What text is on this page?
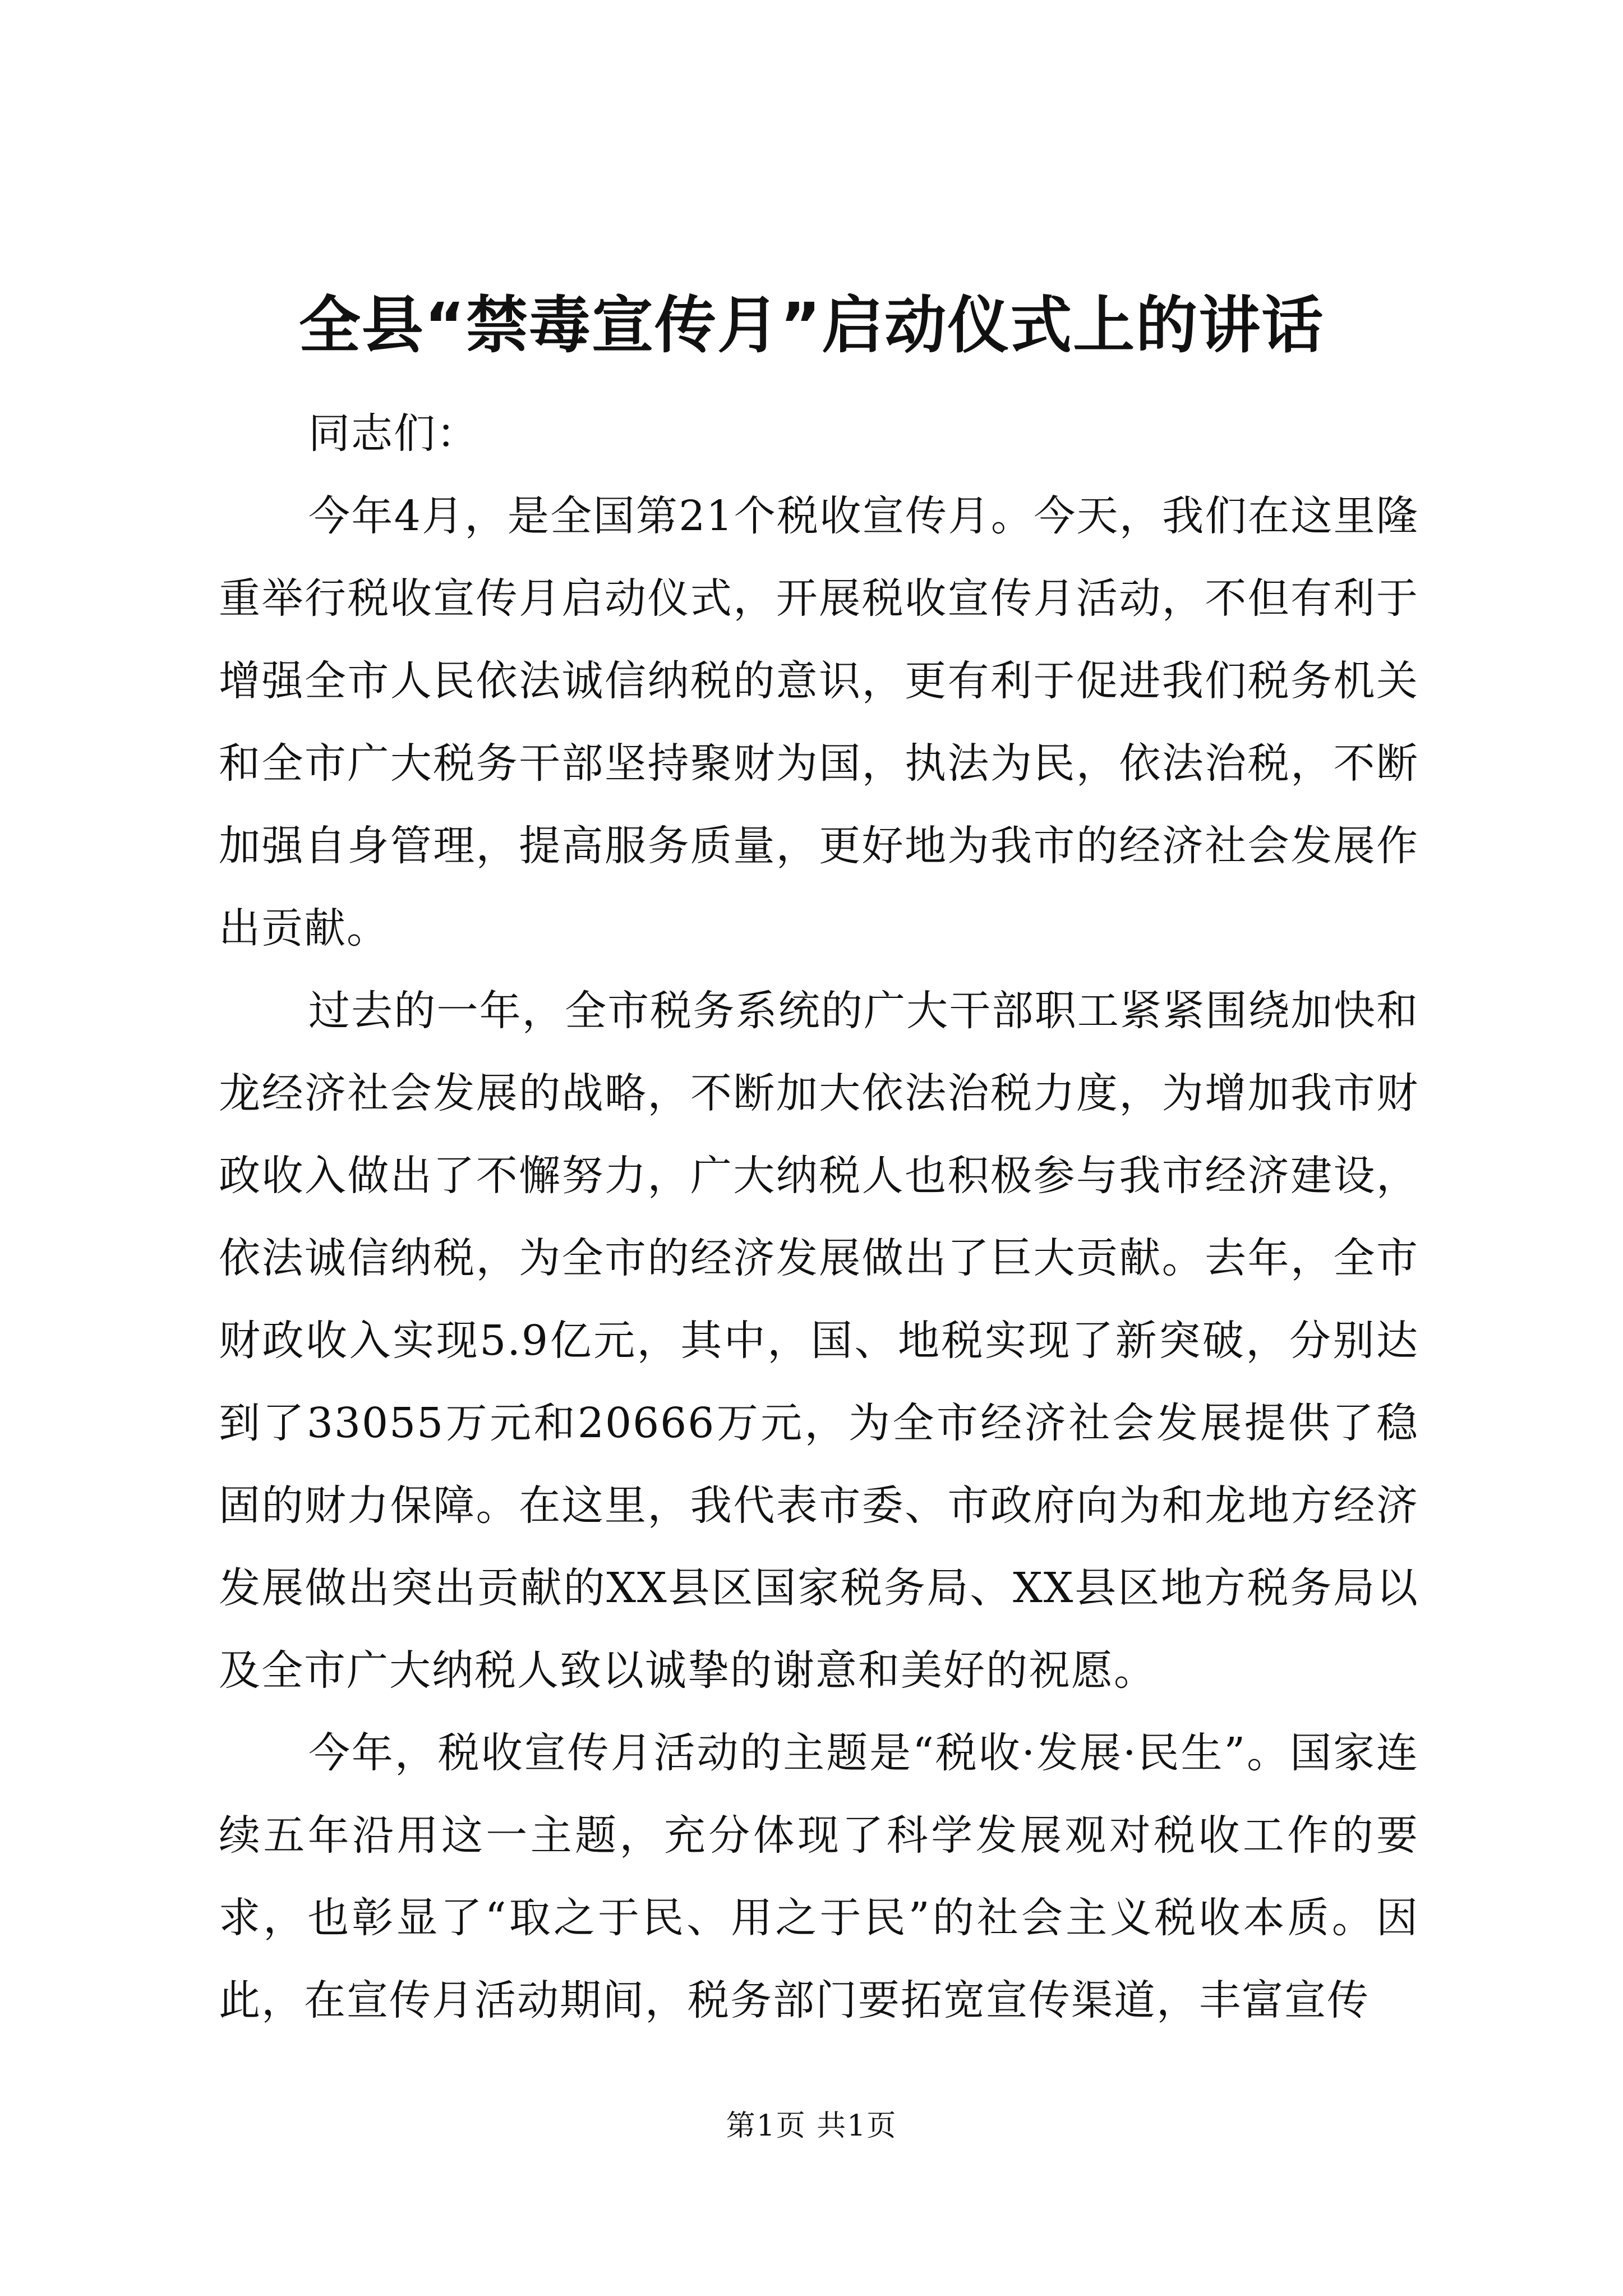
全县“禁毒宣传月”启动仪式上的讲话

同志们：

今年4月，是全国第21个税收宣传月。今天，我们在这里隆重举行税收宣传月启动仪式，开展税收宣传月活动，不但有利于增强全市人民依法诚信纳税的意识，更有利于促进我们税务机关和全市广大税务干部坚持聚财为国，执法为民，依法治税，不断加强自身管理，提高服务质量，更好地为我市的经济社会发展作出贡献。

过去的一年，全市税务系统的广大干部职工紧紧围绕加快和龙经济社会发展的战略，不断加大依法治税力度，为增加我市财政收入做出了不懈努力，广大纳税人也积极参与我市经济建设，依法诚信纳税，为全市的经济发展做出了巨大贡献。去年，全市财政收入实现5.9亿元，其中，国、地税实现了新突破，分别达到了33055万元和20666万元，为全市经济社会发展提供了稳固的财力保障。在这里，我代表市委、市政府向为和龙地方经济发展做出突出贡献的XX县区国家税务局、XX县区地方税务局以及全市广大纳税人致以诚挚的谢意和美好的祝愿。

今年，税收宣传月活动的主题是“税收·发展·民生”。国家连续五年沿用这一主题，充分体现了科学发展观对税收工作的要求，也彰显了“取之于民、用之于民”的社会主义税收本质。因此，在宣传月活动期间，税务部门要拓宽宣传渠道，丰富宣传

第1页 共1页
